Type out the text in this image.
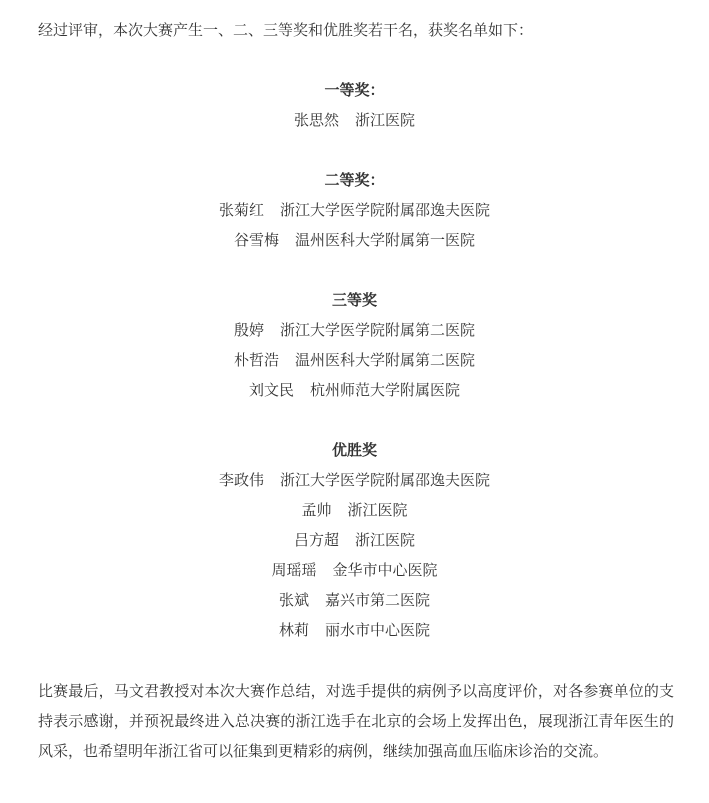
经过评审，本次大赛产生一、二、三等奖和优胜奖若干名，获奖名单如下：

一等奖：
张思然 浙江医院
二等奖：
张菊红 浙江大学医学院附属邵逸夫医院
谷雪梅 温州医科大学附属第一医院
三等奖
殷婷 浙江大学医学院附属第二医院
朴哲浩 温州医科大学附属第二医院
刘文民 杭州师范大学附属医院
优胜奖
李政伟 浙江大学医学院附属邵逸夫医院
孟帅 浙江医院
吕方超 浙江医院
周瑶瑶 金华市中心医院
张斌 嘉兴市第二医院
林莉 丽水市中心医院

比赛最后，马文君教授对本次大赛作总结，对选手提供的病例予以高度评价，对各参赛单位的支持表示感谢，并预祝最终进入总决赛的浙江选手在北京的会场上发挥出色，展现浙江青年医生的风采，也希望明年浙江省可以征集到更精彩的病例，继续加强高血压临床诊治的交流。
